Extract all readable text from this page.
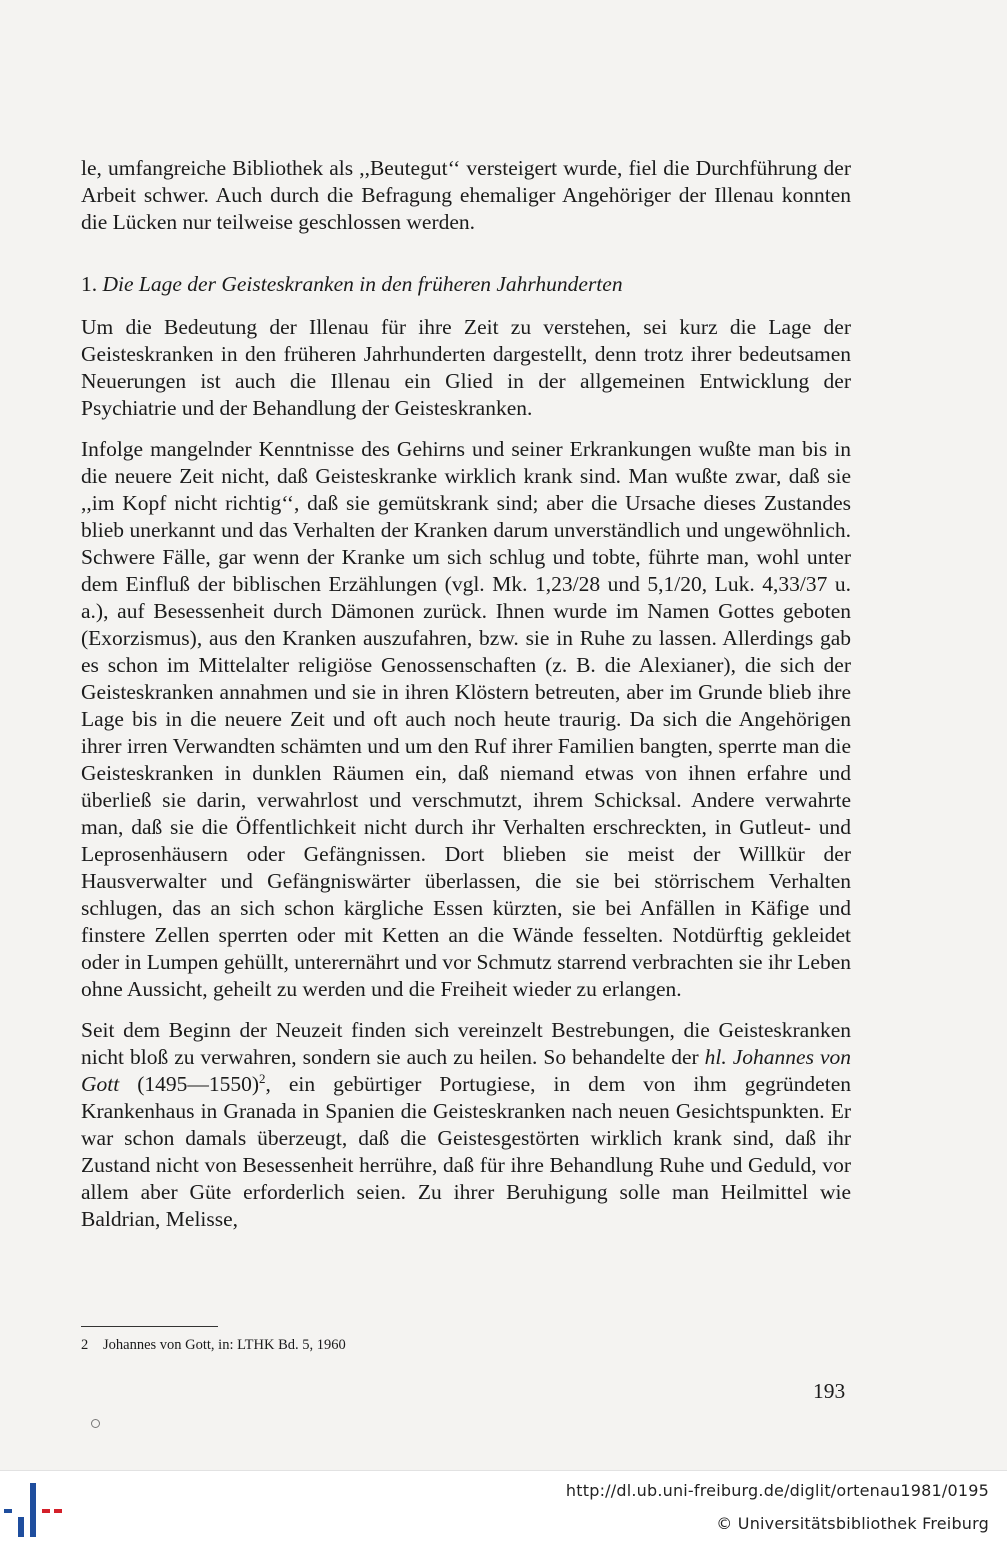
le, umfangreiche Bibliothek als ,,Beutegut‘‘ versteigert wurde, fiel die Durchführung der Arbeit schwer. Auch durch die Befragung ehemaliger Angehöriger der Illenau konnten die Lücken nur teilweise geschlossen werden.

1. Die Lage der Geisteskranken in den früheren Jahrhunderten

Um die Bedeutung der Illenau für ihre Zeit zu verstehen, sei kurz die Lage der Geisteskranken in den früheren Jahrhunderten dargestellt, denn trotz ihrer bedeutsamen Neuerungen ist auch die Illenau ein Glied in der allgemeinen Entwicklung der Psychiatrie und der Behandlung der Geisteskranken.

Infolge mangelnder Kenntnisse des Gehirns und seiner Erkrankungen wußte man bis in die neuere Zeit nicht, daß Geisteskranke wirklich krank sind. Man wußte zwar, daß sie ,,im Kopf nicht richtig‘‘, daß sie gemütskrank sind; aber die Ursache dieses Zustandes blieb unerkannt und das Verhalten der Kranken darum unverständlich und ungewöhnlich. Schwere Fälle, gar wenn der Kranke um sich schlug und tobte, führte man, wohl unter dem Einfluß der biblischen Erzählungen (vgl. Mk. 1,23/28 und 5,1/20, Luk. 4,33/37 u. a.), auf Besessenheit durch Dämonen zurück. Ihnen wurde im Namen Gottes geboten (Exorzismus), aus den Kranken auszufahren, bzw. sie in Ruhe zu lassen. Allerdings gab es schon im Mittelalter religiöse Genossenschaften (z. B. die Alexianer), die sich der Geisteskranken annahmen und sie in ihren Klöstern betreuten, aber im Grunde blieb ihre Lage bis in die neuere Zeit und oft auch noch heute traurig. Da sich die Angehörigen ihrer irren Verwandten schämten und um den Ruf ihrer Familien bangten, sperrte man die Geisteskranken in dunklen Räumen ein, daß niemand etwas von ihnen erfahre und überließ sie darin, verwahrlost und verschmutzt, ihrem Schicksal. Andere verwahrte man, daß sie die Öffentlichkeit nicht durch ihr Verhalten erschreckten, in Gutleut- und Leprosenhäusern oder Gefängnissen. Dort blieben sie meist der Willkür der Hausverwalter und Gefängniswärter überlassen, die sie bei störrischem Verhalten schlugen, das an sich schon kärgliche Essen kürzten, sie bei Anfällen in Käfige und finstere Zellen sperrten oder mit Ketten an die Wände fesselten. Notdürftig gekleidet oder in Lumpen gehüllt, unterernährt und vor Schmutz starrend verbrachten sie ihr Leben ohne Aussicht, geheilt zu werden und die Freiheit wieder zu erlangen.

Seit dem Beginn der Neuzeit finden sich vereinzelt Bestrebungen, die Geisteskranken nicht bloß zu verwahren, sondern sie auch zu heilen. So behandelte der hl. Johannes von Gott (1495—1550)$^2$, ein gebürtiger Portugiese, in dem von ihm gegründeten Krankenhaus in Granada in Spanien die Geisteskranken nach neuen Gesichtspunkten. Er war schon damals überzeugt, daß die Geistesgestörten wirklich krank sind, daß ihr Zustand nicht von Besessenheit herrühre, daß für ihre Behandlung Ruhe und Geduld, vor allem aber Güte erforderlich seien. Zu ihrer Beruhigung solle man Heilmittel wie Baldrian, Melisse,

2 Johannes von Gott, in: LTHK Bd. 5, 1960
193
http://dl.ub.uni-freiburg.de/diglit/ortenau1981/0195
© Universitätsbibliothek Freiburg
